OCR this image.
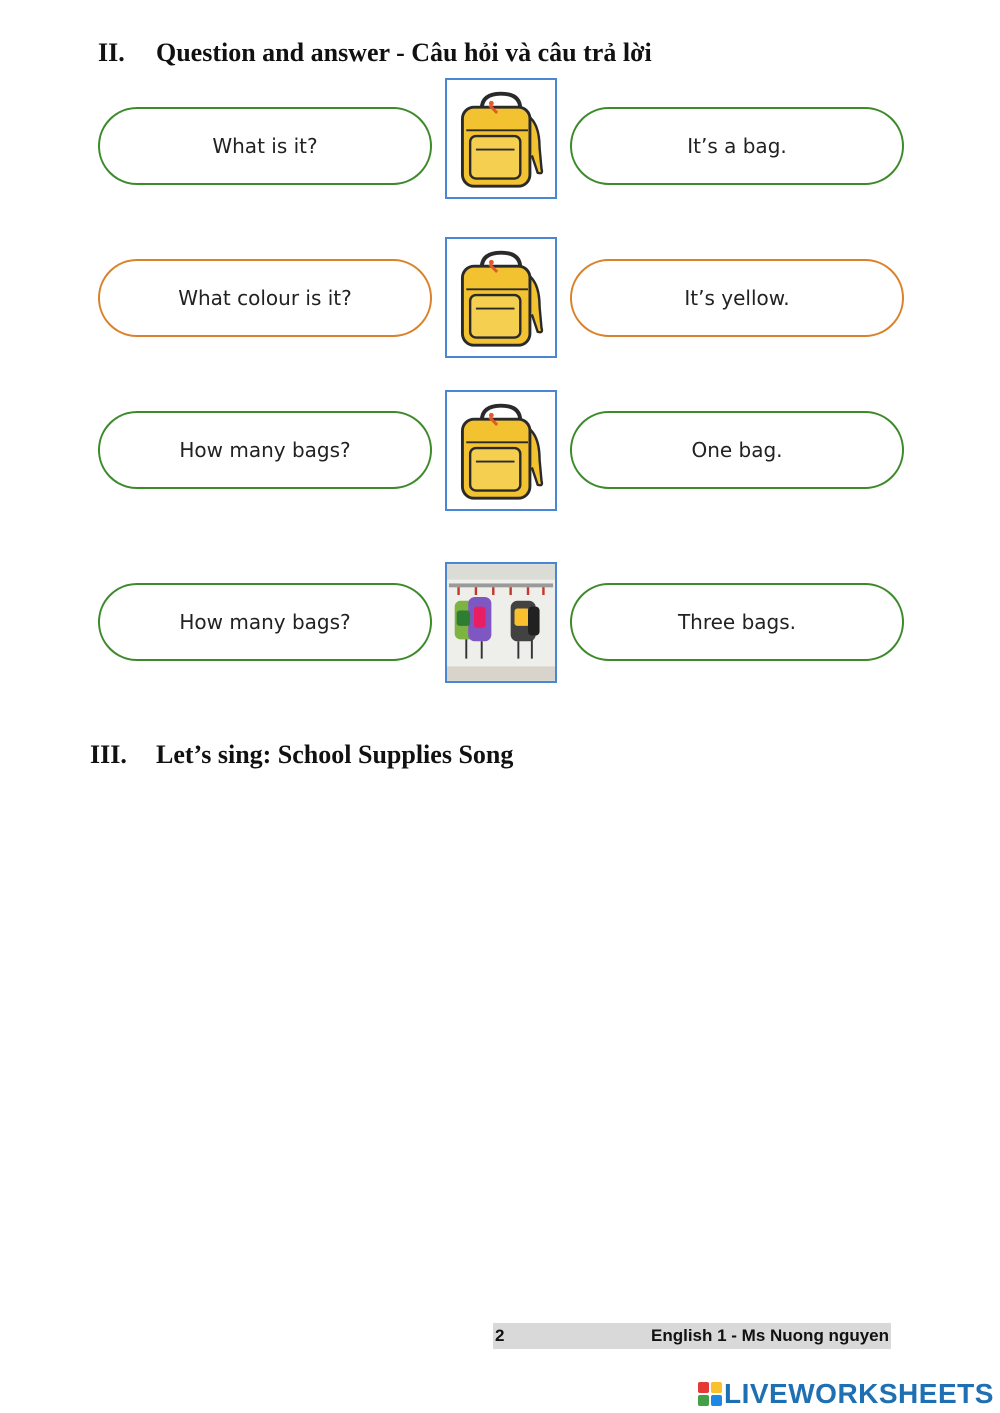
II. Question and answer - Câu hỏi và câu trả lời
What is it?	It’s a bag.
What colour is it?	It’s yellow.
How many bags?	One bag.
How many bags?	Three bags.
III. Let’s sing: School Supplies Song
2	English 1 - Ms Nuong nguyen
LIVEWORKSHEETS
